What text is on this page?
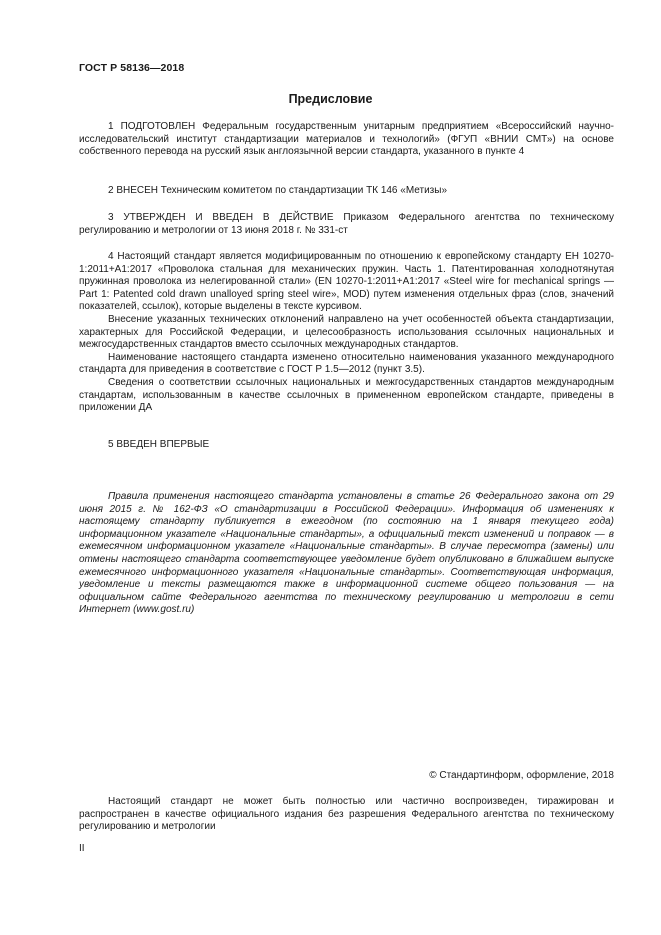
ГОСТ Р 58136—2018
Предисловие

1 ПОДГОТОВЛЕН Федеральным государственным унитарным предприятием «Всероссийский научно-исследовательский институт стандартизации материалов и технологий» (ФГУП «ВНИИ СМТ») на основе собственного перевода на русский язык англоязычной версии стандарта, указанного в пункте 4

2 ВНЕСЕН Техническим комитетом по стандартизации ТК 146 «Метизы»

3 УТВЕРЖДЕН И ВВЕДЕН В ДЕЙСТВИЕ Приказом Федерального агентства по техническому регулированию и метрологии от 13 июня 2018 г. № 331-ст

4 Настоящий стандарт является модифицированным по отношению к европейскому стандарту ЕН 10270-1:2011+А1:2017 «Проволока стальная для механических пружин. Часть 1. Патентированная холоднотянутая пружинная проволока из нелегированной стали» (EN 10270-1:2011+A1:2017 «Steel wire for mechanical springs — Part 1: Patented cold drawn unalloyed spring steel wire», MOD) путем изменения отдельных фраз (слов, значений показателей, ссылок), которые выделены в тексте курсивом.

Внесение указанных технических отклонений направлено на учет особенностей объекта стандартизации, характерных для Российской Федерации, и целесообразность использования ссылочных национальных и межгосударственных стандартов вместо ссылочных международных стандартов.

Наименование настоящего стандарта изменено относительно наименования указанного международного стандарта для приведения в соответствие с ГОСТ Р 1.5—2012 (пункт 3.5).

Сведения о соответствии ссылочных национальных и межгосударственных стандартов международным стандартам, использованным в качестве ссылочных в примененном европейском стандарте, приведены в приложении ДА

5 ВВЕДЕН ВПЕРВЫЕ

Правила применения настоящего стандарта установлены в статье 26 Федерального закона от 29 июня 2015 г. № 162-ФЗ «О стандартизации в Российской Федерации». Информация об изменениях к настоящему стандарту публикуется в ежегодном (по состоянию на 1 января текущего года) информационном указателе «Национальные стандарты», а официальный текст изменений и поправок — в ежемесячном информационном указателе «Национальные стандарты». В случае пересмотра (замены) или отмены настоящего стандарта соответствующее уведомление будет опубликовано в ближайшем выпуске ежемесячного информационного указателя «Национальные стандарты». Соответствующая информация, уведомление и тексты размещаются также в информационной системе общего пользования — на официальном сайте Федерального агентства по техническому регулированию и метрологии в сети Интернет (www.gost.ru)

© Стандартинформ, оформление, 2018

Настоящий стандарт не может быть полностью или частично воспроизведен, тиражирован и распространен в качестве официального издания без разрешения Федерального агентства по техническому регулированию и метрологии

II
